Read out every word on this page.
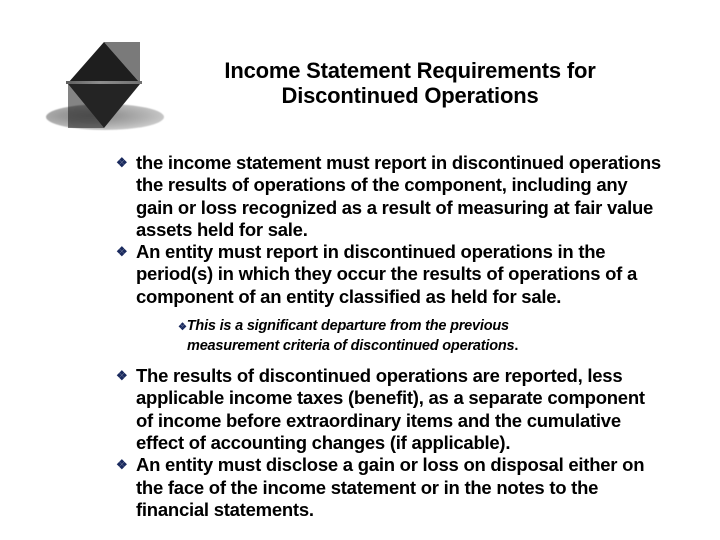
Income Statement Requirements for
Discontinued Operations
❖ the income statement must report in discontinued operations the results of operations of the component, including any gain or loss recognized as a result of measuring at fair value assets held for sale.
❖ An entity must report in discontinued operations in the period(s) in which they occur the results of operations of a component of an entity classified as held for sale.
❖This is a significant departure from the previous measurement criteria of discontinued operations.
❖ The results of discontinued operations are reported, less applicable income taxes (benefit), as a separate component of income before extraordinary items and the cumulative effect of accounting changes (if applicable).
❖ An entity must disclose a gain or loss on disposal either on the face of the income statement or in the notes to the financial statements.
